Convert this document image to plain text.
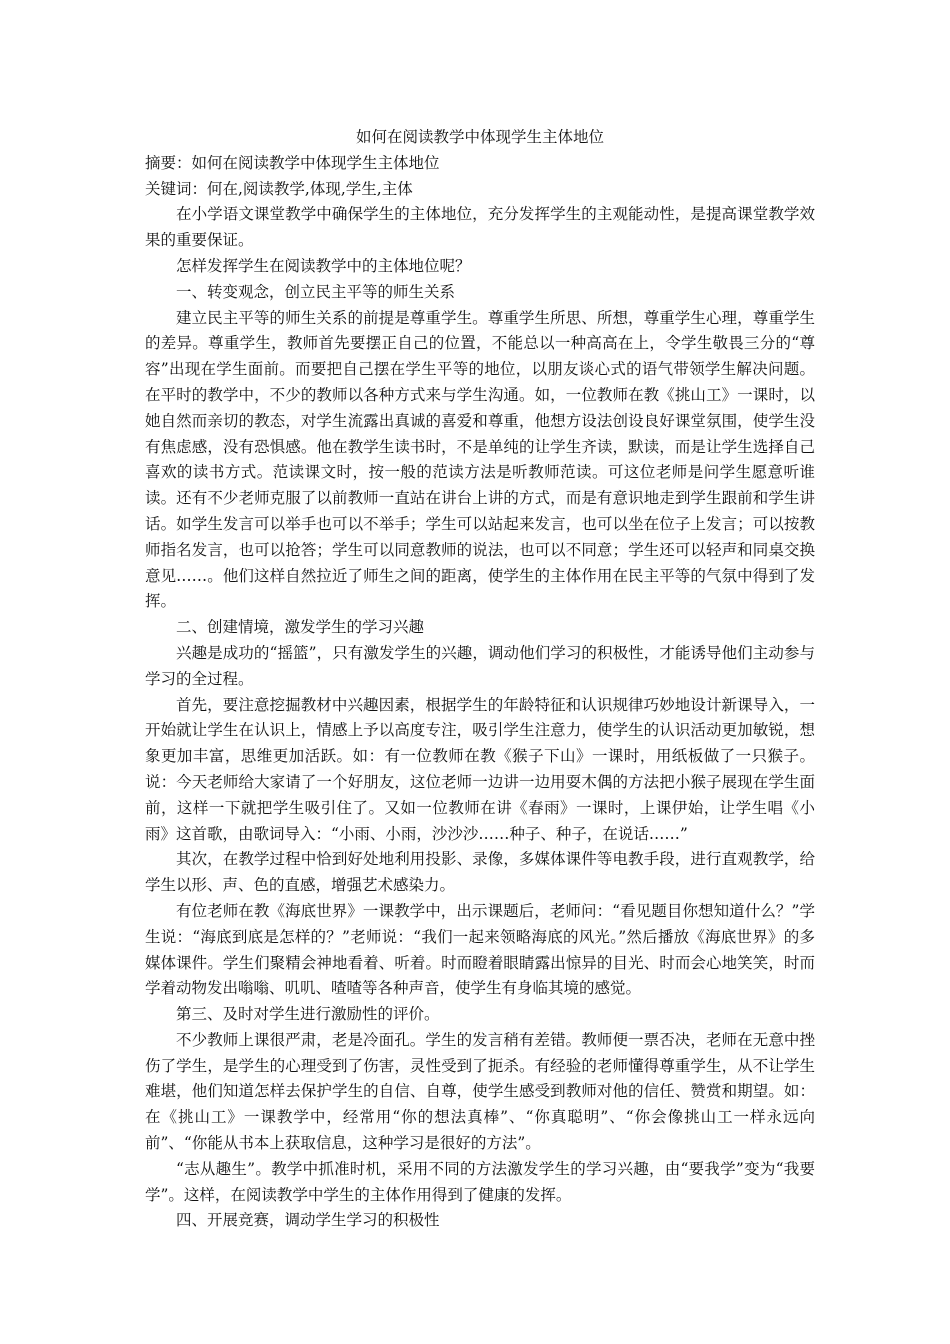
如何在阅读教学中体现学生主体地位

摘要：如何在阅读教学中体现学生主体地位

关键词：何在,阅读教学,体现,学生,主体

在小学语文课堂教学中确保学生的主体地位，充分发挥学生的主观能动性，是提高课堂教学效果的重要保证。

怎样发挥学生在阅读教学中的主体地位呢？

一、转变观念，创立民主平等的师生关系

建立民主平等的师生关系的前提是尊重学生。尊重学生所思、所想，尊重学生心理，尊重学生的差异。尊重学生，教师首先要摆正自己的位置，不能总以一种高高在上，令学生敬畏三分的“尊容”出现在学生面前。而要把自己摆在学生平等的地位，以朋友谈心式的语气带领学生解决问题。在平时的教学中，不少的教师以各种方式来与学生沟通。如，一位教师在教《挑山工》一课时，以她自然而亲切的教态，对学生流露出真诚的喜爱和尊重，他想方设法创设良好课堂氛围，使学生没有焦虑感，没有恐惧感。他在教学生读书时，不是单纯的让学生齐读，默读，而是让学生选择自己喜欢的读书方式。范读课文时，按一般的范读方法是听教师范读。可这位老师是问学生愿意听谁读。还有不少老师克服了以前教师一直站在讲台上讲的方式，而是有意识地走到学生跟前和学生讲话。如学生发言可以举手也可以不举手；学生可以站起来发言，也可以坐在位子上发言；可以按教师指名发言，也可以抢答；学生可以同意教师的说法，也可以不同意；学生还可以轻声和同桌交换意见……。他们这样自然拉近了师生之间的距离，使学生的主体作用在民主平等的气氛中得到了发挥。

二、创建情境，激发学生的学习兴趣

兴趣是成功的“摇篮”，只有激发学生的兴趣，调动他们学习的积极性，才能诱导他们主动参与学习的全过程。

首先，要注意挖掘教材中兴趣因素，根据学生的年龄特征和认识规律巧妙地设计新课导入，一开始就让学生在认识上，情感上予以高度专注，吸引学生注意力，使学生的认识活动更加敏锐，想象更加丰富，思维更加活跃。如：有一位教师在教《猴子下山》一课时，用纸板做了一只猴子。说：今天老师给大家请了一个好朋友，这位老师一边讲一边用耍木偶的方法把小猴子展现在学生面前，这样一下就把学生吸引住了。又如一位教师在讲《春雨》一课时，上课伊始，让学生唱《小雨》这首歌，由歌词导入：“小雨、小雨，沙沙沙……种子、种子，在说话……”

其次，在教学过程中恰到好处地利用投影、录像，多媒体课件等电教手段，进行直观教学，给学生以形、声、色的直感，增强艺术感染力。

有位老师在教《海底世界》一课教学中，出示课题后，老师问：“看见题目你想知道什么？”学生说：“海底到底是怎样的？”老师说：“我们一起来领略海底的风光。”然后播放《海底世界》的多媒体课件。学生们聚精会神地看着、听着。时而瞪着眼睛露出惊异的目光、时而会心地笑笑，时而学着动物发出嗡嗡、叽叽、喳喳等各种声音，使学生有身临其境的感觉。

第三、及时对学生进行激励性的评价。

不少教师上课很严肃，老是冷面孔。学生的发言稍有差错。教师便一票否决，老师在无意中挫伤了学生，是学生的心理受到了伤害，灵性受到了扼杀。有经验的老师懂得尊重学生，从不让学生难堪，他们知道怎样去保护学生的自信、自尊，使学生感受到教师对他的信任、赞赏和期望。如：在《挑山工》一课教学中，经常用“你的想法真棒”、“你真聪明”、“你会像挑山工一样永远向前”、“你能从书本上获取信息，这种学习是很好的方法”。

“志从趣生”。教学中抓准时机，采用不同的方法激发学生的学习兴趣，由“要我学”变为“我要学”。这样，在阅读教学中学生的主体作用得到了健康的发挥。

四、开展竞赛，调动学生学习的积极性
